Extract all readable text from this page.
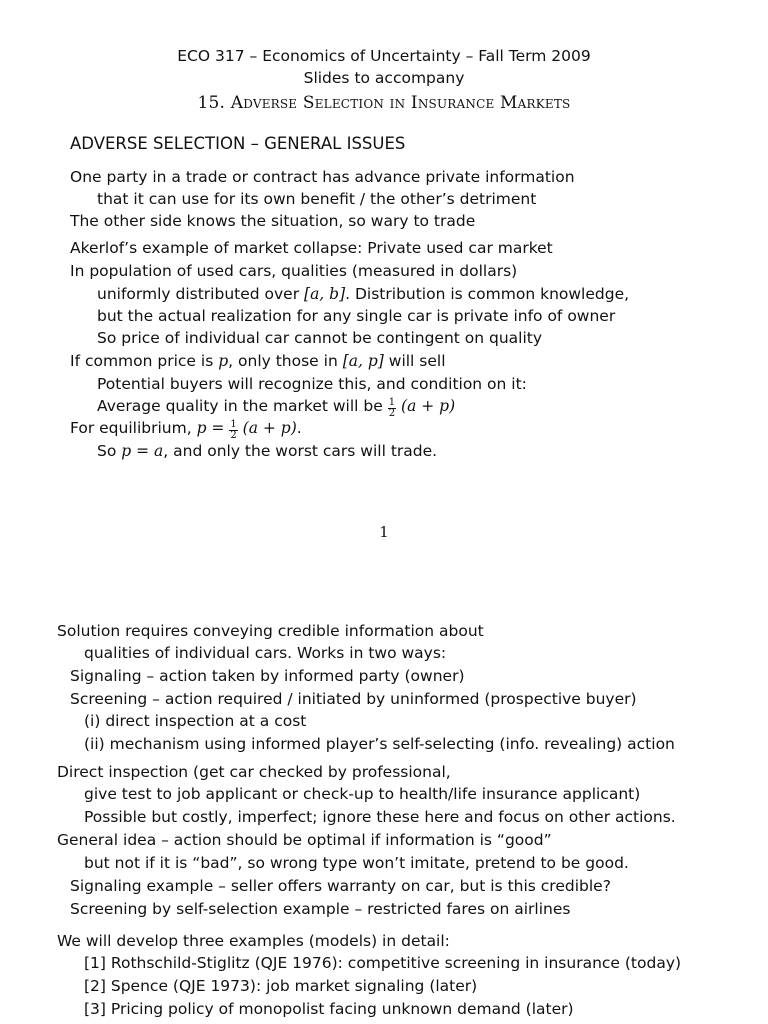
ECO 317 – Economics of Uncertainty – Fall Term 2009
Slides to accompany
15. Adverse Selection in Insurance Markets
ADVERSE SELECTION – GENERAL ISSUES
One party in a trade or contract has advance private information
that it can use for its own benefit / the other’s detriment
The other side knows the situation, so wary to trade
Akerlof’s example of market collapse: Private used car market
In population of used cars, qualities (measured in dollars)
uniformly distributed over [a, b]. Distribution is common knowledge,
but the actual realization for any single car is private info of owner
So price of individual car cannot be contingent on quality
If common price is p, only those in [a, p] will sell
Potential buyers will recognize this, and condition on it:
Average quality in the market will be $\frac{1}{2} (a + p)$
For equilibrium, $p = \frac{1}{2} (a + p)$.
So p = a, and only the worst cars will trade.
1
Solution requires conveying credible information about
qualities of individual cars. Works in two ways:
Signaling – action taken by informed party (owner)
Screening – action required / initiated by uninformed (prospective buyer)
(i) direct inspection at a cost
(ii) mechanism using informed player’s self-selecting (info. revealing) action
Direct inspection (get car checked by professional,
give test to job applicant or check-up to health/life insurance applicant)
Possible but costly, imperfect; ignore these here and focus on other actions.
General idea – action should be optimal if information is “good”
but not if it is “bad”, so wrong type won’t imitate, pretend to be good.
Signaling example – seller offers warranty on car, but is this credible?
Screening by self-selection example – restricted fares on airlines
We will develop three examples (models) in detail:
[1] Rothschild-Stiglitz (QJE 1976): competitive screening in insurance (today)
[2] Spence (QJE 1973): job market signaling (later)
[3] Pricing policy of monopolist facing unknown demand (later)
